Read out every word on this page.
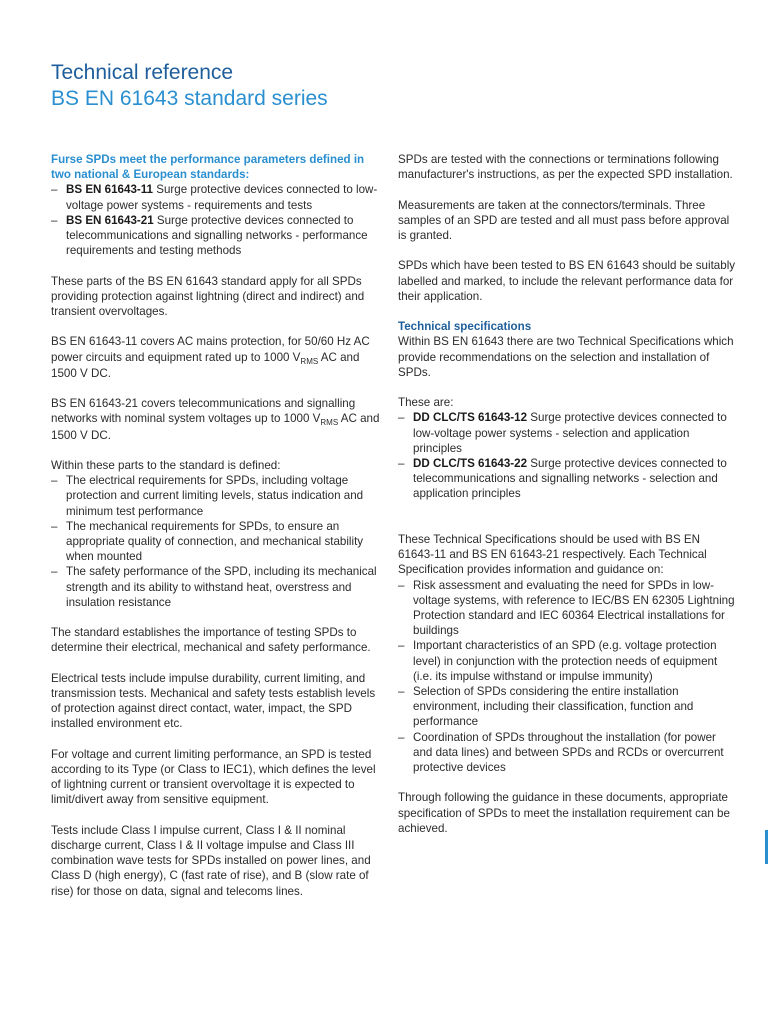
Technical reference
BS EN 61643 standard series

Furse SPDs meet the performance parameters defined in two national & European standards:

– BS EN 61643-11 Surge protective devices connected to low-voltage power systems - requirements and tests
– BS EN 61643-21 Surge protective devices connected to telecommunications and signalling networks - performance requirements and testing methods

These parts of the BS EN 61643 standard apply for all SPDs providing protection against lightning (direct and indirect) and transient overvoltages.

BS EN 61643-11 covers AC mains protection, for 50/60 Hz AC power circuits and equipment rated up to 1000 $V_{RMS}$ AC and 1500 V DC.

BS EN 61643-21 covers telecommunications and signalling networks with nominal system voltages up to 1000 $V_{RMS}$ AC and 1500 V DC.

Within these parts to the standard is defined:

– The electrical requirements for SPDs, including voltage protection and current limiting levels, status indication and minimum test performance
– The mechanical requirements for SPDs, to ensure an appropriate quality of connection, and mechanical stability when mounted
– The safety performance of the SPD, including its mechanical strength and its ability to withstand heat, overstress and insulation resistance

The standard establishes the importance of testing SPDs to determine their electrical, mechanical and safety performance.

Electrical tests include impulse durability, current limiting, and transmission tests. Mechanical and safety tests establish levels of protection against direct contact, water, impact, the SPD installed environment etc.

For voltage and current limiting performance, an SPD is tested according to its Type (or Class to IEC1), which defines the level of lightning current or transient overvoltage it is expected to limit/divert away from sensitive equipment.

Tests include Class I impulse current, Class I & II nominal discharge current, Class I & II voltage impulse and Class III combination wave tests for SPDs installed on power lines, and Class D (high energy), C (fast rate of rise), and B (slow rate of rise) for those on data, signal and telecoms lines.

SPDs are tested with the connections or terminations following manufacturer's instructions, as per the expected SPD installation.

Measurements are taken at the connectors/terminals. Three samples of an SPD are tested and all must pass before approval is granted.

SPDs which have been tested to BS EN 61643 should be suitably labelled and marked, to include the relevant performance data for their application.

Technical specifications

Within BS EN 61643 there are two Technical Specifications which provide recommendations on the selection and installation of SPDs.

These are:

– DD CLC/TS 61643-12 Surge protective devices connected to low-voltage power systems - selection and application principles
– DD CLC/TS 61643-22 Surge protective devices connected to telecommunications and signalling networks - selection and application principles

These Technical Specifications should be used with BS EN 61643-11 and BS EN 61643-21 respectively. Each Technical Specification provides information and guidance on:

– Risk assessment and evaluating the need for SPDs in low-voltage systems, with reference to IEC/BS EN 62305 Lightning Protection standard and IEC 60364 Electrical installations for buildings
– Important characteristics of an SPD (e.g. voltage protection level) in conjunction with the protection needs of equipment (i.e. its impulse withstand or impulse immunity)
– Selection of SPDs considering the entire installation environment, including their classification, function and performance
– Coordination of SPDs throughout the installation (for power and data lines) and between SPDs and RCDs or overcurrent protective devices

Through following the guidance in these documents, appropriate specification of SPDs to meet the installation requirement can be achieved.
